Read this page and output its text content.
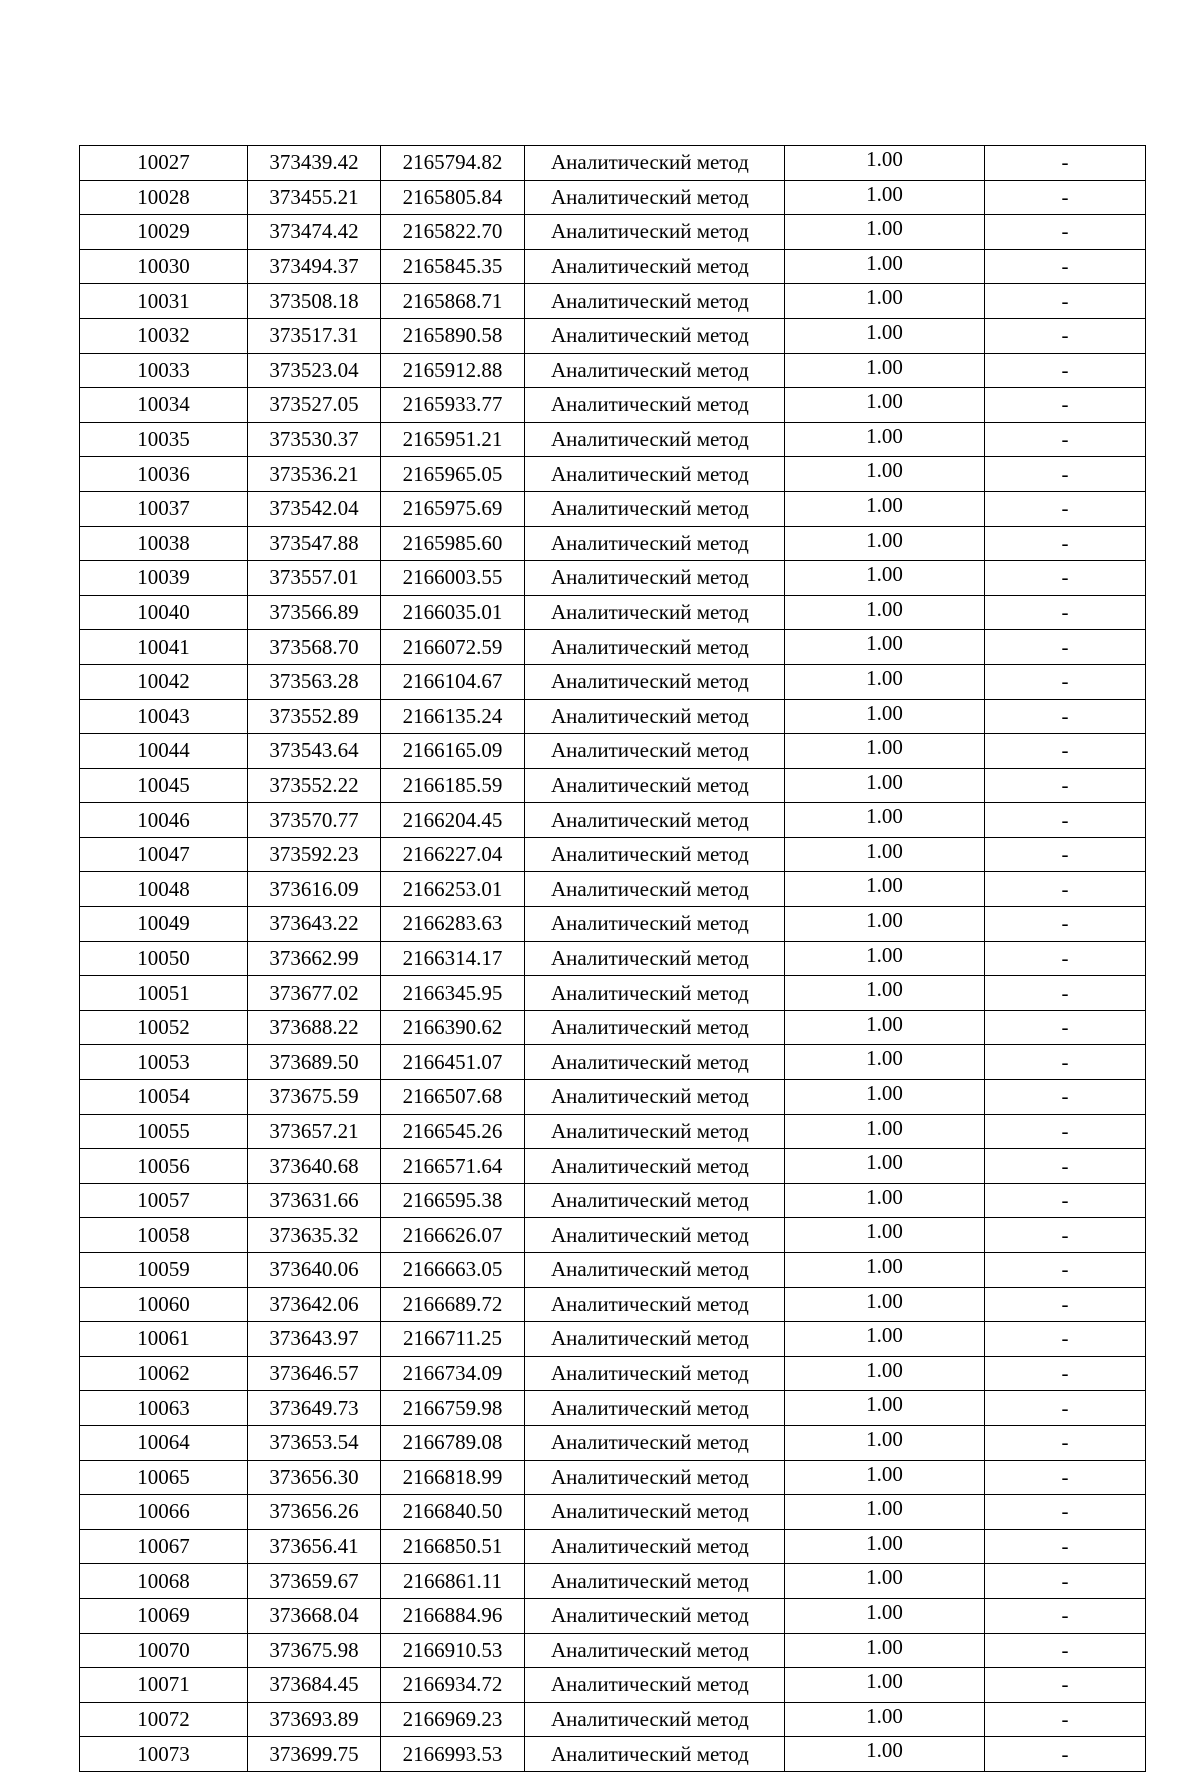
10027	373439.42	2165794.82	Аналитический метод	1.00	-
10028	373455.21	2165805.84	Аналитический метод	1.00	-
10029	373474.42	2165822.70	Аналитический метод	1.00	-
10030	373494.37	2165845.35	Аналитический метод	1.00	-
10031	373508.18	2165868.71	Аналитический метод	1.00	-
10032	373517.31	2165890.58	Аналитический метод	1.00	-
10033	373523.04	2165912.88	Аналитический метод	1.00	-
10034	373527.05	2165933.77	Аналитический метод	1.00	-
10035	373530.37	2165951.21	Аналитический метод	1.00	-
10036	373536.21	2165965.05	Аналитический метод	1.00	-
10037	373542.04	2165975.69	Аналитический метод	1.00	-
10038	373547.88	2165985.60	Аналитический метод	1.00	-
10039	373557.01	2166003.55	Аналитический метод	1.00	-
10040	373566.89	2166035.01	Аналитический метод	1.00	-
10041	373568.70	2166072.59	Аналитический метод	1.00	-
10042	373563.28	2166104.67	Аналитический метод	1.00	-
10043	373552.89	2166135.24	Аналитический метод	1.00	-
10044	373543.64	2166165.09	Аналитический метод	1.00	-
10045	373552.22	2166185.59	Аналитический метод	1.00	-
10046	373570.77	2166204.45	Аналитический метод	1.00	-
10047	373592.23	2166227.04	Аналитический метод	1.00	-
10048	373616.09	2166253.01	Аналитический метод	1.00	-
10049	373643.22	2166283.63	Аналитический метод	1.00	-
10050	373662.99	2166314.17	Аналитический метод	1.00	-
10051	373677.02	2166345.95	Аналитический метод	1.00	-
10052	373688.22	2166390.62	Аналитический метод	1.00	-
10053	373689.50	2166451.07	Аналитический метод	1.00	-
10054	373675.59	2166507.68	Аналитический метод	1.00	-
10055	373657.21	2166545.26	Аналитический метод	1.00	-
10056	373640.68	2166571.64	Аналитический метод	1.00	-
10057	373631.66	2166595.38	Аналитический метод	1.00	-
10058	373635.32	2166626.07	Аналитический метод	1.00	-
10059	373640.06	2166663.05	Аналитический метод	1.00	-
10060	373642.06	2166689.72	Аналитический метод	1.00	-
10061	373643.97	2166711.25	Аналитический метод	1.00	-
10062	373646.57	2166734.09	Аналитический метод	1.00	-
10063	373649.73	2166759.98	Аналитический метод	1.00	-
10064	373653.54	2166789.08	Аналитический метод	1.00	-
10065	373656.30	2166818.99	Аналитический метод	1.00	-
10066	373656.26	2166840.50	Аналитический метод	1.00	-
10067	373656.41	2166850.51	Аналитический метод	1.00	-
10068	373659.67	2166861.11	Аналитический метод	1.00	-
10069	373668.04	2166884.96	Аналитический метод	1.00	-
10070	373675.98	2166910.53	Аналитический метод	1.00	-
10071	373684.45	2166934.72	Аналитический метод	1.00	-
10072	373693.89	2166969.23	Аналитический метод	1.00	-
10073	373699.75	2166993.53	Аналитический метод	1.00	-
